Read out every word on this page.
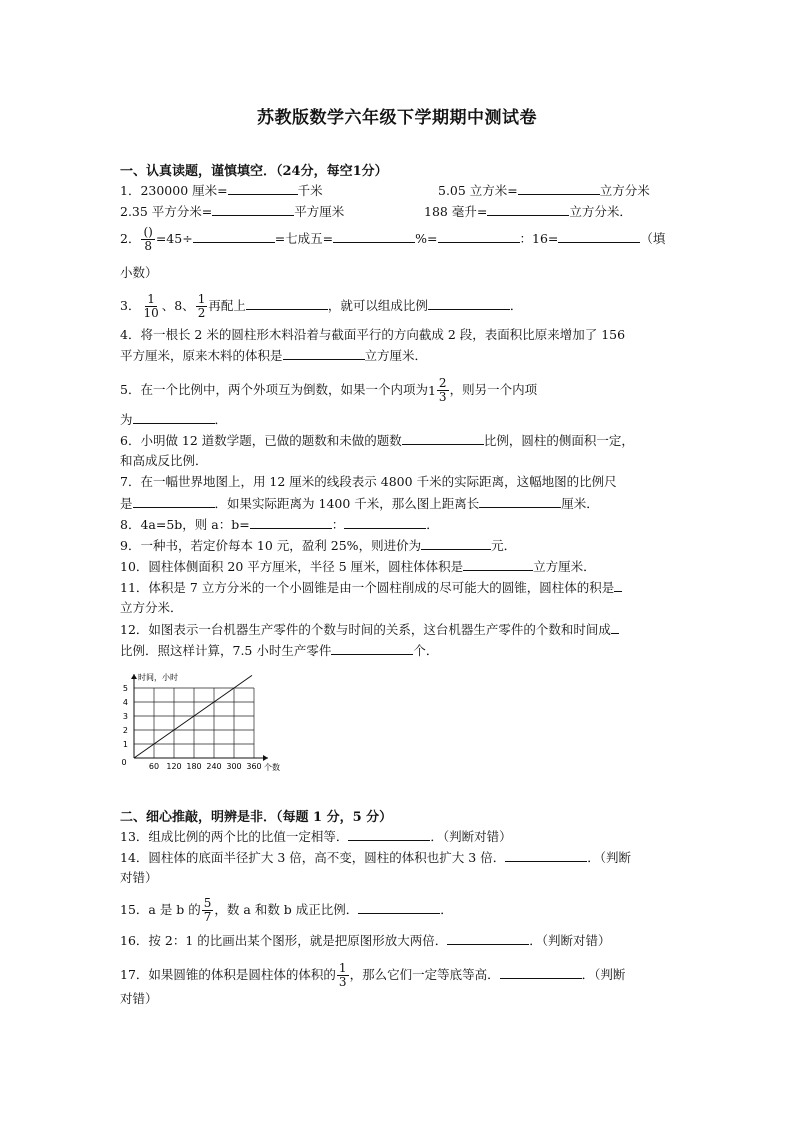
苏教版数学六年级下学期期中测试卷
一、认真读题，谨慎填空．（24分，每空1分）
1．230000 厘米=	千米	5.05 立方米=	立方分米
2.35 平方分米=	平方厘米	188 毫升=	立方分米．
2． $\frac{()}{8} =45\div$	=七成五=	%=	：16=	（填
小数）
3． $\frac{1}{10}$ 、8、 $\frac{1}{2}$ 再配上	，就可以组成比例	．
4．将一根长 2 米的圆柱形木料沿着与截面平行的方向截成 2 段，表面积比原来增加了 156
平方厘米，原来木料的体积是	立方厘米．
5．在一个比例中，两个外项互为倒数，如果一个内项为 $1 \frac{2}{3}$ ，则另一个内项
为	．
6．小明做 12 道数学题，已做的题数和未做的题数	比例，圆柱的侧面积一定，
和高成反比例．
7．在一幅世界地图上，用 12 厘米的线段表示 4800 千米的实际距离，这幅地图的比例尺
是	．如果实际距离为 1400 千米，那么图上距离长	厘米．
8．4a=5b，则 a：b=	：	．
9．一种书，若定价每本 10 元，盈利 25%，则进价为	元．
10．圆柱体侧面积 20 平方厘米，半径 5 厘米，圆柱体体积是	立方厘米．
11．体积是 7 立方分米的一个小圆锥是由一个圆柱削成的尽可能大的圆锥，圆柱体的积是
立方分米．
12．如图表示一台机器生产零件的个数与时间的关系，这台机器生产零件的个数和时间成
比例．照这样计算，7.5 小时生产零件	个．
60 120 180 240 300 360
1
2
3
4
5
0
时间，小时
个数
二、细心推敲，明辨是非．（每题 1 分，5 分）
13．组成比例的两个比的比值一定相等．	．（判断对错）
14．圆柱体的底面半径扩大 3 倍，高不变，圆柱的体积也扩大 3 倍．	．（判断
对错）
15．a 是 b 的 $\frac{5}{7}$ ，数 a 和数 b 成正比例．	．
16．按 2：1 的比画出某个图形，就是把原图形放大两倍．	．（判断对错）
17．如果圆锥的体积是圆柱体的体积的 $\frac{1}{3}$ ，那么它们一定等底等高．	．（判断
对错）
